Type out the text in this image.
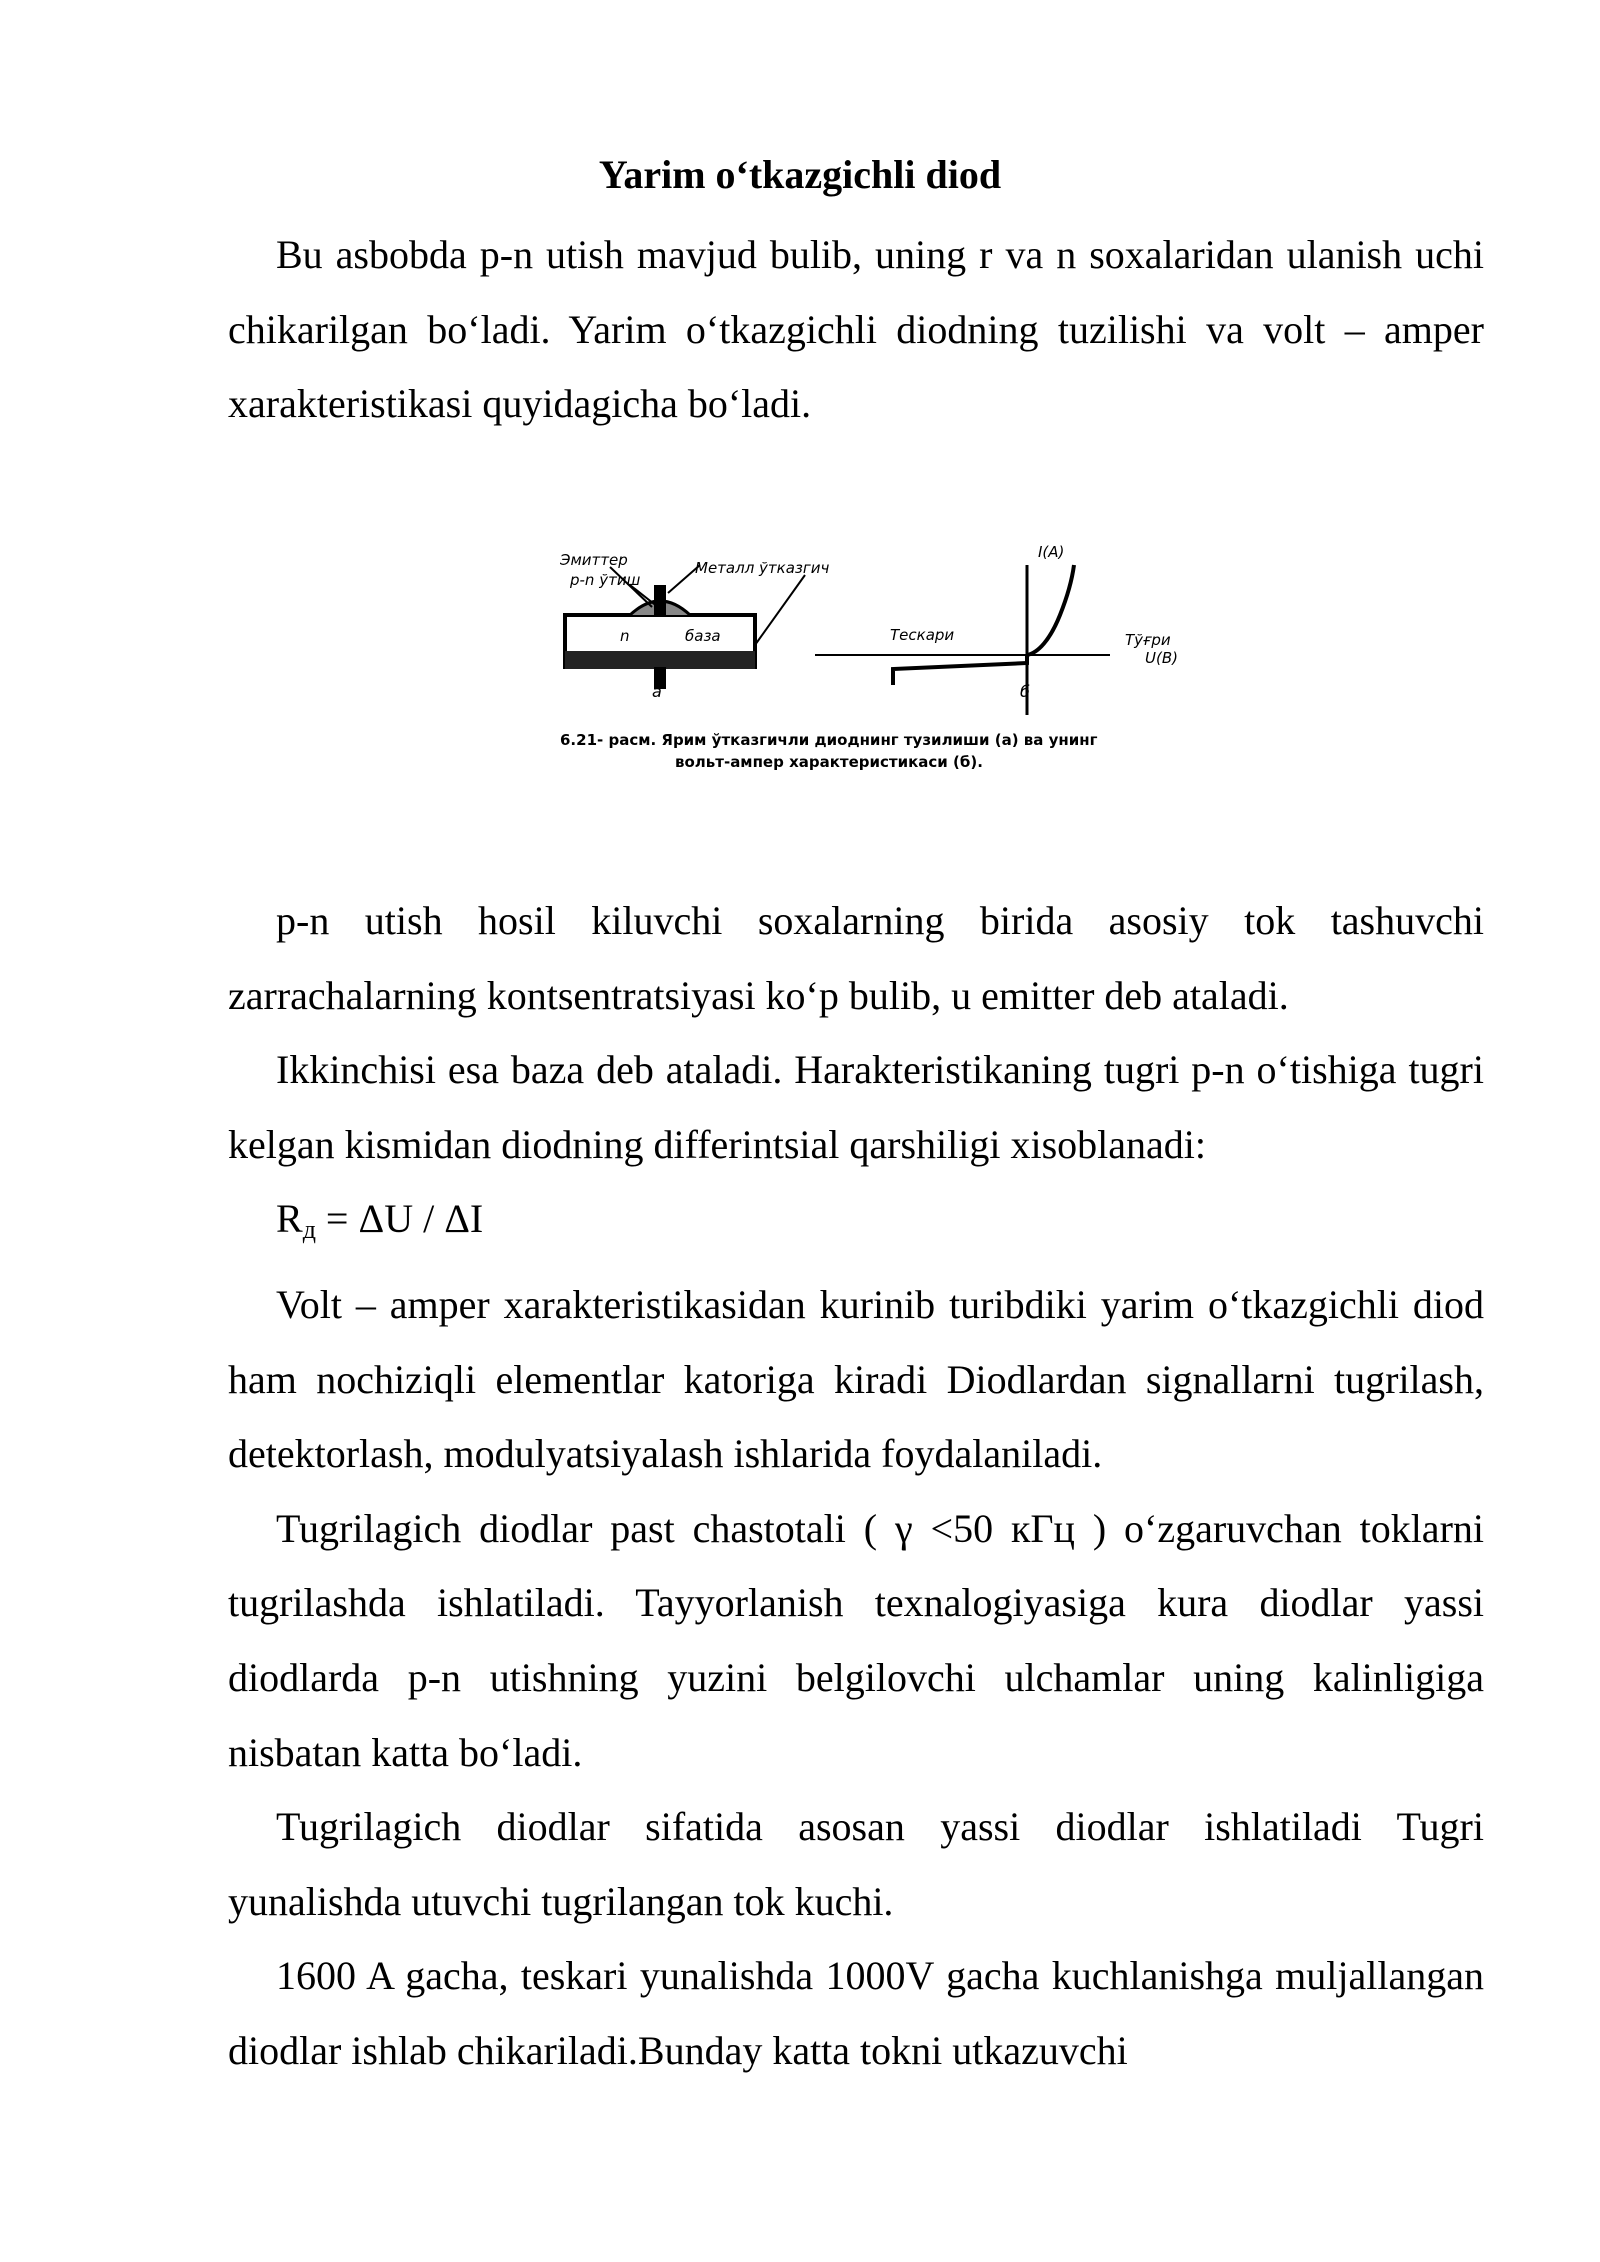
Yarim o‘tkazgichli diod

Bu asbobda p-n utish mavjud bulib, uning r va n soxalaridan ulanish uchi chikarilgan bo‘ladi. Yarim o‘tkazgichli diodning tuzilishi va volt – amper xarakteristikasi quyidagicha bo‘ladi.

Эмиттер
p-n ўтиш
Металл ўтказгич
p
n	база
a
I(A)
Тескари	Тўғри
U(B)
б
6.21- расм. Ярим ўтказгичли диоднинг тузилиши (а) ва унинг
вольт-ампер характеристикаси (б).

p-n utish hosil kiluvchi soxalarning birida asosiy tok tashuvchi zarrachalarning kontsentratsiyasi ko‘p bulib, u emitter deb ataladi.

Ikkinchisi esa baza deb ataladi. Harakteristikaning tugri p-n o‘tishiga tugri kelgan kismidan diodning differintsial qarshiligi xisoblanadi:

$R_д = \Delta U / \Delta I$

Volt – amper xarakteristikasidan kurinib turibdiki yarim o‘tkazgichli diod ham nochiziqli elementlar katoriga kiradi Diodlardan signallarni tugrilash, detektorlash, modulyatsiyalash ishlarida foydalaniladi.

Tugrilagich diodlar past chastotali ( γ <50 кГц ) o‘zgaruvchan toklarni tugrilashda ishlatiladi. Tayyorlanish texnalogiyasiga kura diodlar yassi diodlarda p-n utishning yuzini belgilovchi ulchamlar uning kalinligiga nisbatan katta bo‘ladi.

Tugrilagich diodlar sifatida asosan yassi diodlar ishlatiladi Tugri yunalishda utuvchi tugrilangan tok kuchi.

1600 A gacha, teskari yunalishda 1000V gacha kuchlanishga muljallangan diodlar ishlab chikariladi.Bunday katta tokni utkazuvchi
